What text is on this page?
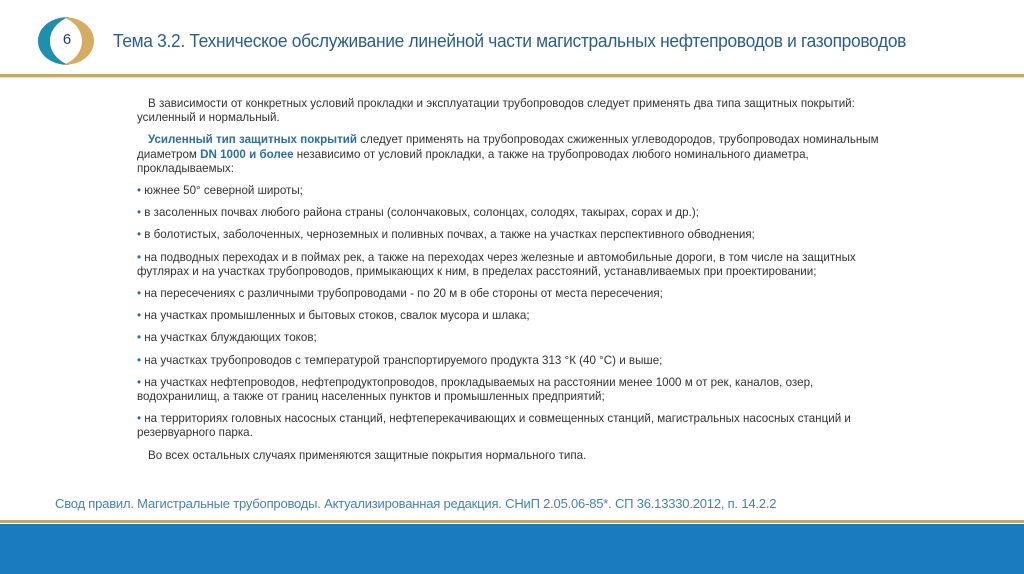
6	Тема 3.2. Техническое обслуживание линейной части магистральных нефтепроводов и газопроводов

В зависимости от конкретных условий прокладки и эксплуатации трубопроводов следует применять два типа защитных покрытий: усиленный и нормальный.

Усиленный тип защитных покрытий следует применять на трубопроводах сжиженных углеводородов, трубопроводах номинальным диаметром DN 1000 и более независимо от условий прокладки, а также на трубопроводах любого номинального диаметра, прокладываемых:

• южнее 50° северной широты;
• в засоленных почвах любого района страны (солончаковых, солонцах, солодях, такырах, сорах и др.);
• в болотистых, заболоченных, черноземных и поливных почвах, а также на участках перспективного обводнения;
• на подводных переходах и в поймах рек, а также на переходах через железные и автомобильные дороги, в том числе на защитных футлярах и на участках трубопроводов, примыкающих к ним, в пределах расстояний, устанавливаемых при проектировании;
• на пересечениях с различными трубопроводами - по 20 м в обе стороны от места пересечения;
• на участках промышленных и бытовых стоков, свалок мусора и шлака;
• на участках блуждающих токов;
• на участках трубопроводов с температурой транспортируемого продукта 313 °К (40 °С) и выше;
• на участках нефтепроводов, нефтепродуктопроводов, прокладываемых на расстоянии менее 1000 м от рек, каналов, озер, водохранилищ, а также от границ населенных пунктов и промышленных предприятий;
• на территориях головных насосных станций, нефтеперекачивающих и совмещенных станций, магистральных насосных станций и резервуарного парка.

Во всех остальных случаях применяются защитные покрытия нормального типа.

Свод правил. Магистральные трубопроводы. Актуализированная редакция. СНиП 2.05.06-85*. СП 36.13330.2012, п. 14.2.2
